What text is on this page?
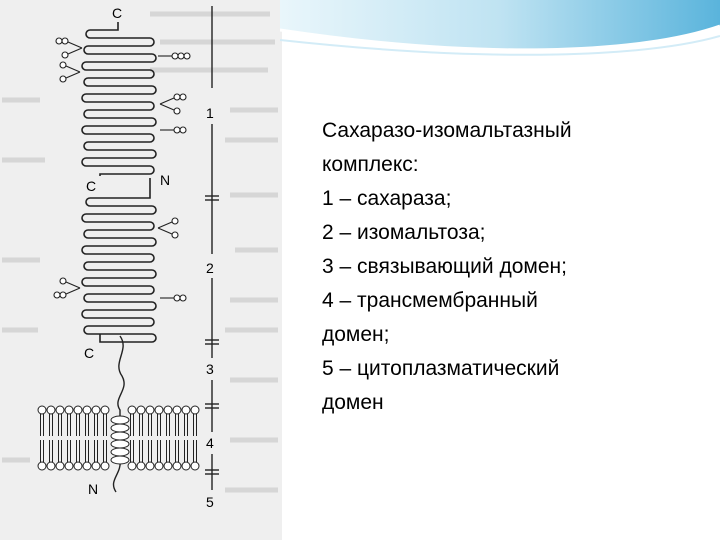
C
C	N
C
N
1
2
3
4
5
Сахаразо-изомальтазный
комплекс:
1 – сахараза;
2 – изомальтоза;
3 – связывающий домен;
4 – трансмембранный
домен;
5 – цитоплазматический
домен
